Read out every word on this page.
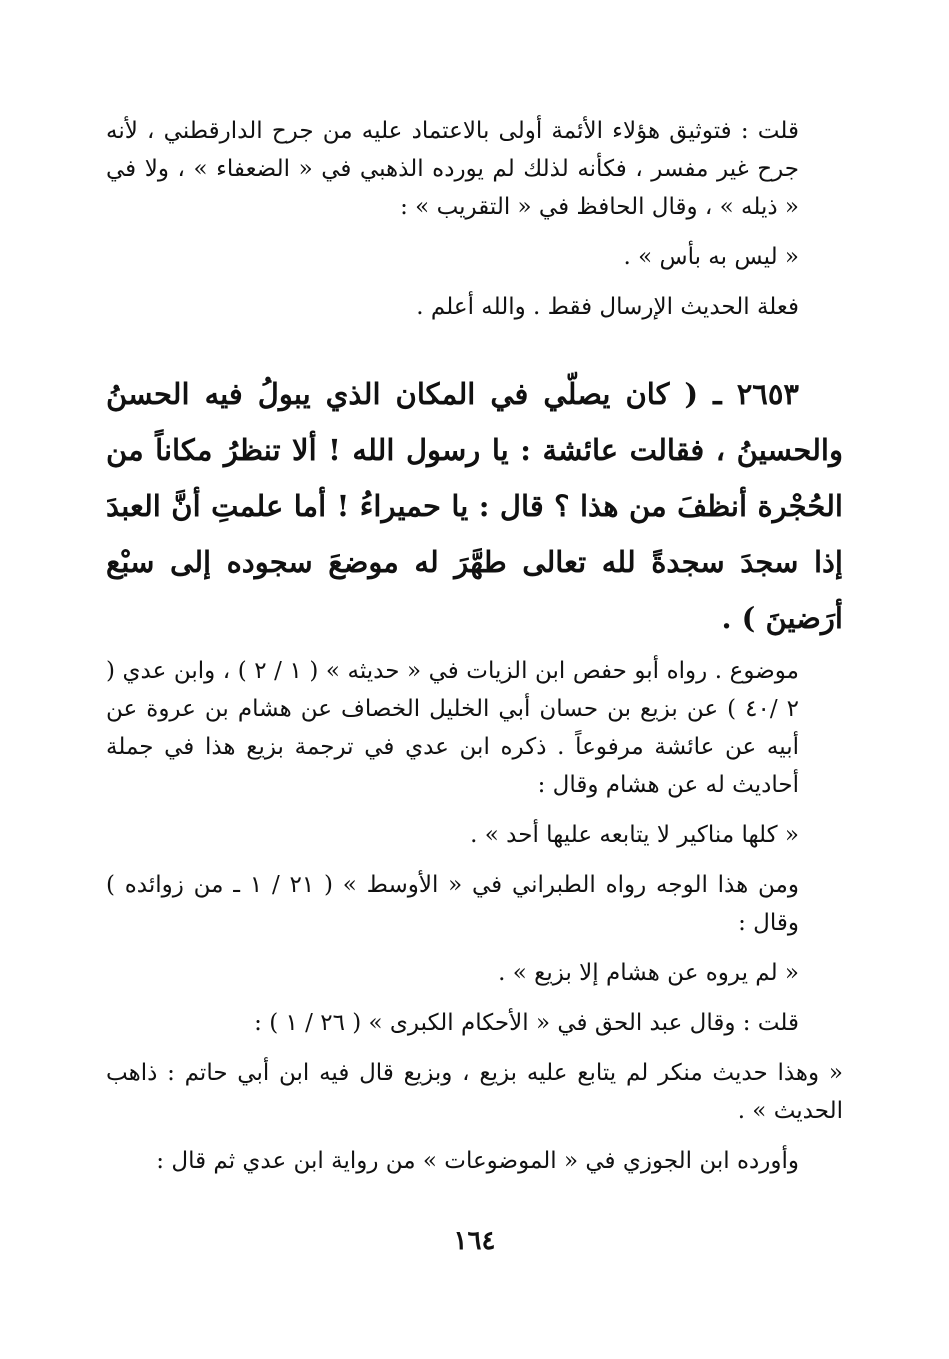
قلت : فتوثيق هؤلاء الأئمة أولى بالاعتماد عليه من جرح الدارقطني ، لأنه جرح غير مفسر ، فكأنه لذلك لم يورده الذهبي في « الضعفاء » ، ولا في « ذيله » ، وقال الحافظ في « التقريب » :

« ليس به بأس » .

فعلة الحديث الإرسال فقط . والله أعلم .

٢٦٥٣ ـ ( كان يصلّي في المكان الذي يبولُ فيه الحسنُ والحسينُ ، فقالت عائشة : يا رسول الله ! ألا تنظرُ مكاناً من الحُجْرة أنظفَ من هذا ؟ قال : يا حميراءُ ! أما علمتِ أنَّ العبدَ إذا سجدَ سجدةً لله تعالى طهَّرَ له موضعَ سجوده إلى سبْع أرَضينَ ) .

موضوع . رواه أبو حفص ابن الزيات في « حديثه » ( ١ / ٢ ) ، وابن عدي ( ٢ /٤٠ ) عن بزيع بن حسان أبي الخليل الخصاف عن هشام بن عروة عن أبيه عن عائشة مرفوعاً . ذكره ابن عدي في ترجمة بزيع هذا في جملة أحاديث له عن هشام وقال :

« كلها مناكير لا يتابعه عليها أحد » .

ومن هذا الوجه رواه الطبراني في « الأوسط » ( ٢١ / ١ ـ من زوائده ) وقال :

« لم يروه عن هشام إلا بزيع » .

قلت : وقال عبد الحق في « الأحكام الكبرى » ( ٢٦ / ١ ) :

« وهذا حديث منكر لم يتابع عليه بزيع ، وبزيع قال فيه ابن أبي حاتم : ذاهب الحديث » .

وأورده ابن الجوزي في « الموضوعات » من رواية ابن عدي ثم قال :

١٦٤
